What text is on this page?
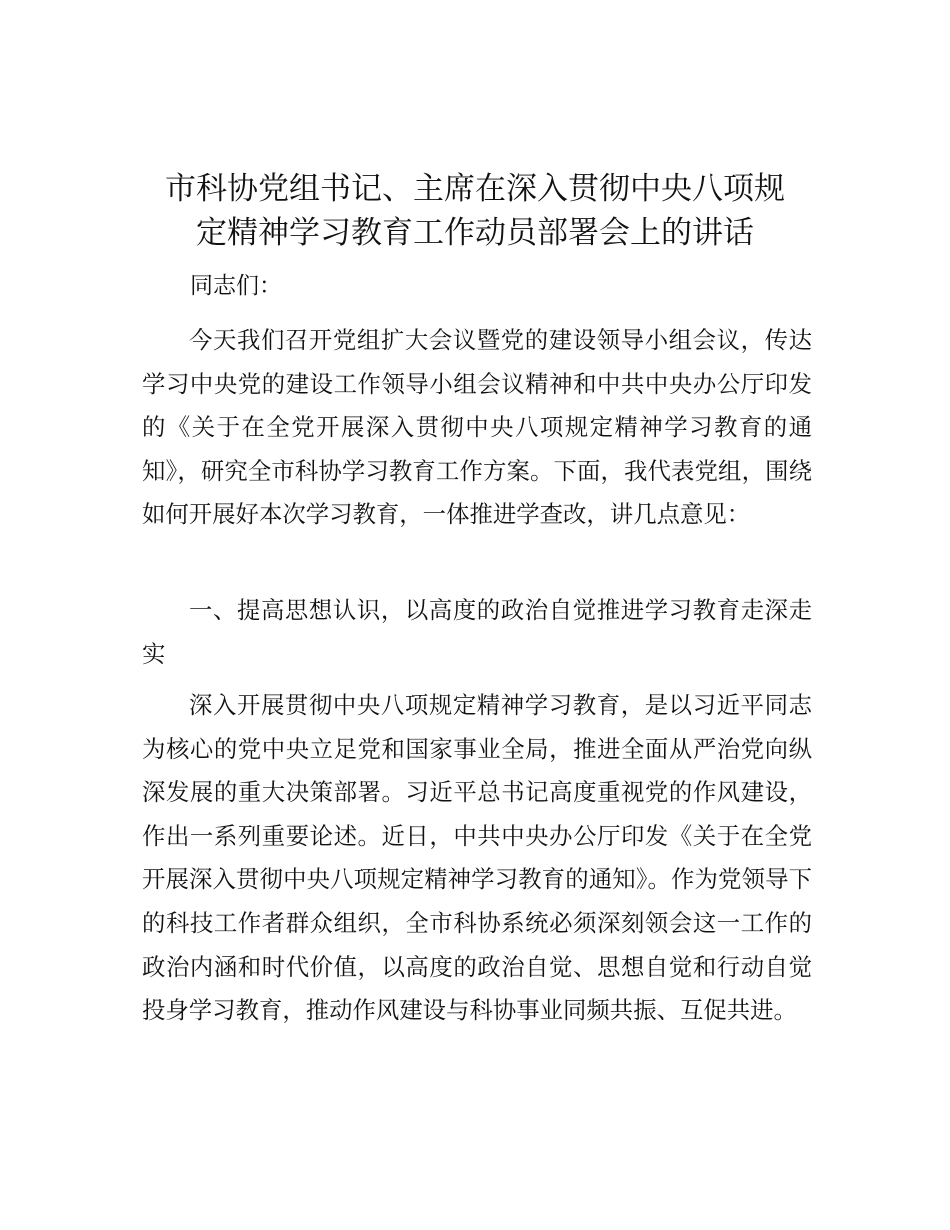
市科协党组书记、主席在深入贯彻中央八项规
定精神学习教育工作动员部署会上的讲话

同志们：

今天我们召开党组扩大会议暨党的建设领导小组会议，传达学习中央党的建设工作领导小组会议精神和中共中央办公厅印发的《关于在全党开展深入贯彻中央八项规定精神学习教育的通知》，研究全市科协学习教育工作方案。下面，我代表党组，围绕如何开展好本次学习教育，一体推进学查改，讲几点意见：

一、提高思想认识，以高度的政治自觉推进学习教育走深走实

深入开展贯彻中央八项规定精神学习教育，是以习近平同志为核心的党中央立足党和国家事业全局，推进全面从严治党向纵深发展的重大决策部署。习近平总书记高度重视党的作风建设，作出一系列重要论述。近日，中共中央办公厅印发《关于在全党开展深入贯彻中央八项规定精神学习教育的通知》。作为党领导下的科技工作者群众组织，全市科协系统必须深刻领会这一工作的政治内涵和时代价值，以高度的政治自觉、思想自觉和行动自觉投身学习教育，推动作风建设与科协事业同频共振、互促共进。
